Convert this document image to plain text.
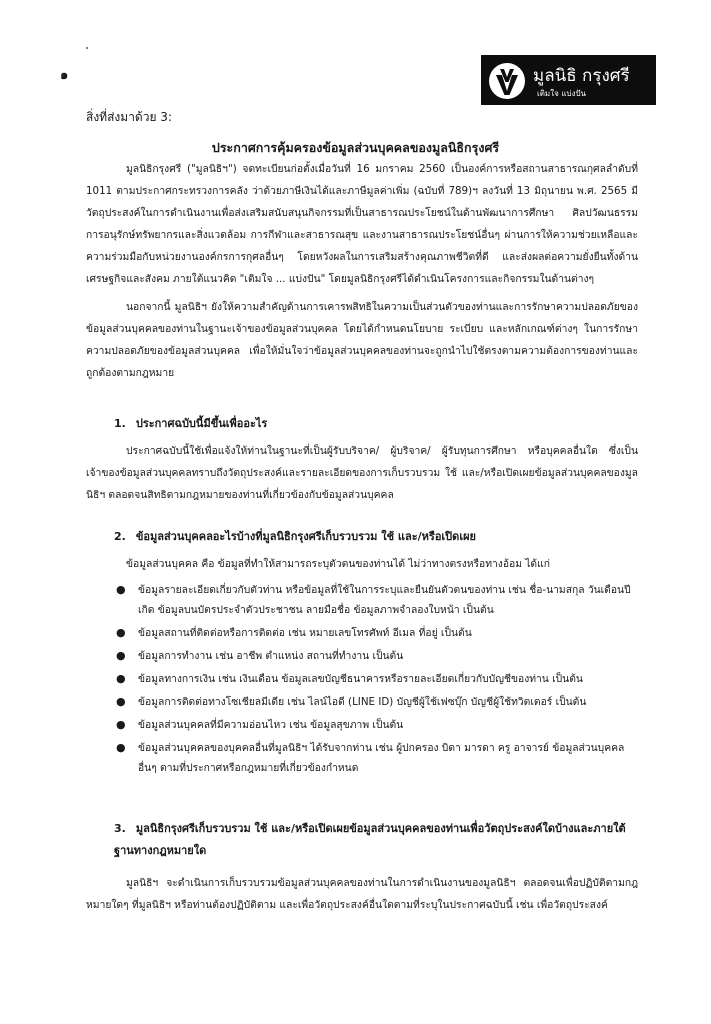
๑	มูลนิธิ กรุงศรี
เติมใจ แบ่งปัน
สิ่งที่ส่งมาด้วย 3:
ประกาศการคุ้มครองข้อมูลส่วนบุคคลของมูลนิธิกรุงศรี

มูลนิธิกรุงศรี ("มูลนิธิฯ") จดทะเบียนก่อตั้งเมื่อวันที่ 16 มกราคม 2560 เป็นองค์การหรือสถานสาธารณกุศลลำดับที่ 1011 ตามประกาศกระทรวงการคลัง ว่าด้วยภาษีเงินได้และภาษีมูลค่าเพิ่ม (ฉบับที่ 789)ฯ ลงวันที่ 13 มิถุนายน พ.ศ. 2565 มีวัตถุประสงค์ในการดำเนินงานเพื่อส่งเสริมสนับสนุนกิจกรรมที่เป็นสาธารณประโยชน์ในด้านพัฒนาการศึกษา ศิลปวัฒนธรรม การอนุรักษ์ทรัพยากรและสิ่งแวดล้อม การกีฬาและสาธารณสุข และงานสาธารณประโยชน์อื่นๆ ผ่านการให้ความช่วยเหลือและความร่วมมือกับหน่วยงานองค์กรการกุศลอื่นๆ โดยหวังผลในการเสริมสร้างคุณภาพชีวิตที่ดี และส่งผลต่อความยั่งยืนทั้งด้านเศรษฐกิจและสังคม ภายใต้แนวคิด "เติมใจ ... แบ่งปัน" โดยมูลนิธิกรุงศรีได้ดำเนินโครงการและกิจกรรมในด้านต่างๆ

นอกจากนี้ มูลนิธิฯ ยังให้ความสำคัญด้านการเคารพสิทธิในความเป็นส่วนตัวของท่านและการรักษาความปลอดภัยของข้อมูลส่วนบุคคลของท่านในฐานะเจ้าของข้อมูลส่วนบุคคล โดยได้กำหนดนโยบาย ระเบียบ และหลักเกณฑ์ต่างๆ ในการรักษาความปลอดภัยของข้อมูลส่วนบุคคล เพื่อให้มั่นใจว่าข้อมูลส่วนบุคคลของท่านจะถูกนำไปใช้ตรงตามความต้องการของท่านและถูกต้องตามกฎหมาย

1. ประกาศฉบับนี้มีขึ้นเพื่ออะไร

ประกาศฉบับนี้ใช้เพื่อแจ้งให้ท่านในฐานะที่เป็นผู้รับบริจาค/ ผู้บริจาค/ ผู้รับทุนการศึกษา หรือบุคคลอื่นใด ซึ่งเป็นเจ้าของข้อมูลส่วนบุคคลทราบถึงวัตถุประสงค์และรายละเอียดของการเก็บรวบรวม ใช้ และ/หรือเปิดเผยข้อมูลส่วนบุคคลของมูลนิธิฯ ตลอดจนสิทธิตามกฎหมายของท่านที่เกี่ยวข้องกับข้อมูลส่วนบุคคล

2. ข้อมูลส่วนบุคคลอะไรบ้างที่มูลนิธิกรุงศรีเก็บรวบรวม ใช้ และ/หรือเปิดเผย

ข้อมูลส่วนบุคคล คือ ข้อมูลที่ทำให้สามารถระบุตัวตนของท่านได้ ไม่ว่าทางตรงหรือทางอ้อม ได้แก่

● ข้อมูลรายละเอียดเกี่ยวกับตัวท่าน หรือข้อมูลที่ใช้ในการระบุและยืนยันตัวตนของท่าน เช่น ชื่อ-นามสกุล วันเดือนปีเกิด ข้อมูลบนบัตรประจำตัวประชาชน ลายมือชื่อ ข้อมูลภาพจำลองใบหน้า เป็นต้น
● ข้อมูลสถานที่ติดต่อหรือการติดต่อ เช่น หมายเลขโทรศัพท์ อีเมล ที่อยู่ เป็นต้น
● ข้อมูลการทำงาน เช่น อาชีพ ตำแหน่ง สถานที่ทำงาน เป็นต้น
● ข้อมูลทางการเงิน เช่น เงินเดือน ข้อมูลเลขบัญชีธนาคารหรือรายละเอียดเกี่ยวกับบัญชีของท่าน เป็นต้น
● ข้อมูลการติดต่อทางโซเชียลมีเดีย เช่น ไลน์ไอดี (LINE ID) บัญชีผู้ใช้เฟซบุ๊ก บัญชีผู้ใช้ทวิตเตอร์ เป็นต้น
● ข้อมูลส่วนบุคคลที่มีความอ่อนไหว เช่น ข้อมูลสุขภาพ เป็นต้น
● ข้อมูลส่วนบุคคลของบุคคลอื่นที่มูลนิธิฯ ได้รับจากท่าน เช่น ผู้ปกครอง บิดา มารดา ครู อาจารย์ ข้อมูลส่วนบุคคลอื่นๆ ตามที่ประกาศหรือกฎหมายที่เกี่ยวข้องกำหนด
3. มูลนิธิกรุงศรีเก็บรวบรวม ใช้ และ/หรือเปิดเผยข้อมูลส่วนบุคคลของท่านเพื่อวัตถุประสงค์ใดบ้างและภายใต้ฐานทางกฎหมายใด

มูลนิธิฯ จะดำเนินการเก็บรวบรวมข้อมูลส่วนบุคคลของท่านในการดำเนินงานของมูลนิธิฯ ตลอดจนเพื่อปฏิบัติตามกฎหมายใดๆ ที่มูลนิธิฯ หรือท่านต้องปฏิบัติตาม และเพื่อวัตถุประสงค์อื่นใดตามที่ระบุในประกาศฉบับนี้ เช่น เพื่อวัตถุประสงค์
